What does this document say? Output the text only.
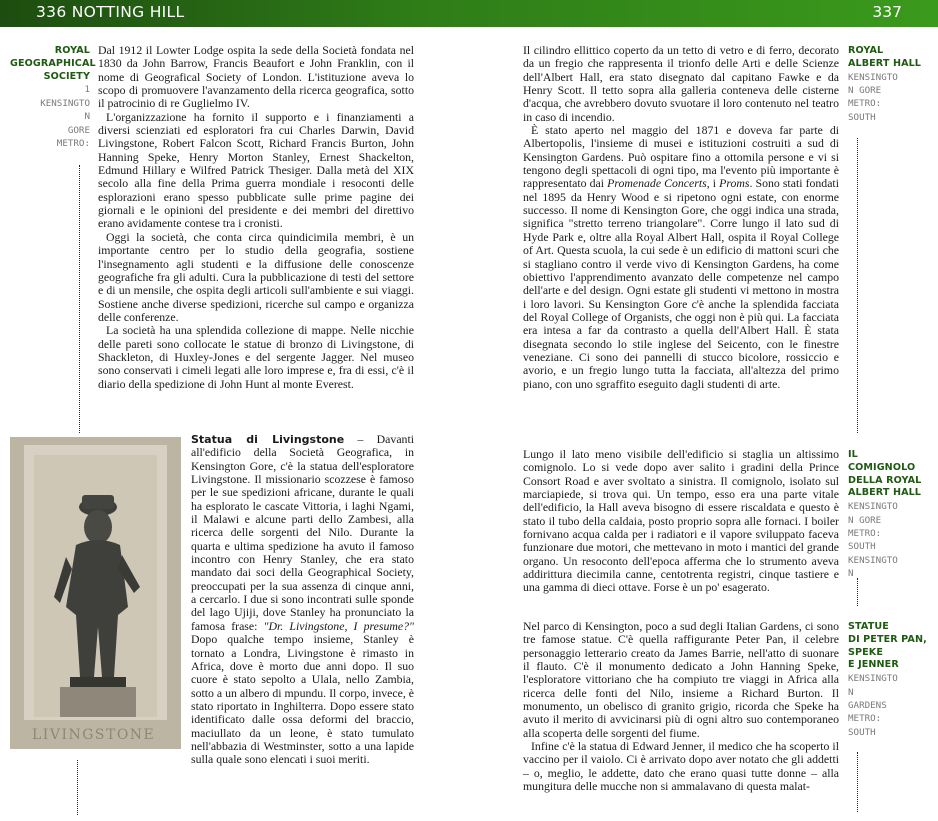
336 NOTTING HILL	337
ROYAL
GEOGRAPHICAL
SOCIETY
1
KENSINGTO
N
GORE
METRO:

Dal 1912 il Lowter Lodge ospita la sede della Società fondata nel 1830 da John Barrow, Francis Beaufort e John Franklin, con il nome di Geografical Society of London. L'istituzione aveva lo scopo di promuovere l'avanzamento della ricerca geografica, sotto il patrocinio di re Guglielmo IV.

L'organizzazione ha fornito il supporto e i finanziamenti a diversi scienziati ed esploratori fra cui Charles Darwin, David Livingstone, Robert Falcon Scott, Richard Francis Burton, John Hanning Speke, Henry Morton Stanley, Ernest Shackelton, Edmund Hillary e Wilfred Patrick Thesiger. Dalla metà del XIX secolo alla fine della Prima guerra mondiale i resoconti delle esplorazioni erano spesso pubblicate sulle prime pagine dei giornali e le opinioni del presidente e dei membri del direttivo erano avidamente contese tra i cronisti.

Oggi la società, che conta circa quindicimila membri, è un importante centro per lo studio della geografia, sostiene l'insegnamento agli studenti e la diffusione delle conoscenze geografiche fra gli adulti. Cura la pubblicazione di testi del settore e di un mensile, che ospita degli articoli sull'ambiente e sui viaggi. Sostiene anche diverse spedizioni, ricerche sul campo e organizza delle conferenze.

La società ha una splendida collezione di mappe. Nelle nicchie delle pareti sono collocate le statue di bronzo di Livingstone, di Shackleton, di Huxley-Jones e del sergente Jagger. Nel museo sono conservati i cimeli legati alle loro imprese e, fra di essi, c'è il diario della spedizione di John Hunt al monte Everest.

LIVINGSTONE

Statua di Livingstone – Davanti all'edificio della Società Geografica, in Kensington Gore, c'è la statua dell'esploratore Livingstone. Il missionario scozzese è famoso per le sue spedizioni africane, durante le quali ha esplorato le cascate Vittoria, i laghi Ngami, il Malawi e alcune parti dello Zambesi, alla ricerca delle sorgenti del Nilo. Durante la quarta e ultima spedizione ha avuto il famoso incontro con Henry Stanley, che era stato mandato dai soci della Geographical Society, preoccupati per la sua assenza di cinque anni, a cercarlo. I due si sono incontrati sulle sponde del lago Ujiji, dove Stanley ha pronunciato la famosa frase: "Dr. Livingstone, I presume?" Dopo qualche tempo insieme, Stanley è tornato a Londra, Livingstone è rimasto in Africa, dove è morto due anni dopo. Il suo cuore è stato sepolto a Ulala, nello Zambia, sotto a un albero di mpundu. Il corpo, invece, è stato riportato in Inghilterra. Dopo essere stato identificato dalle ossa deformi del braccio, maciullato da un leone, è stato tumulato nell'abbazia di Westminster, sotto a una lapide sulla quale sono elencati i suoi meriti.

Il cilindro ellittico coperto da un tetto di vetro e di ferro, decorato da un fregio che rappresenta il trionfo delle Arti e delle Scienze dell'Albert Hall, era stato disegnato dal capitano Fawke e da Henry Scott. Il tetto sopra alla galleria conteneva delle cisterne d'acqua, che avrebbero dovuto svuotare il loro contenuto nel teatro in caso di incendio.

È stato aperto nel maggio del 1871 e doveva far parte di Albertopolis, l'insieme di musei e istituzioni costruiti a sud di Kensington Gardens. Può ospitare fino a ottomila persone e vi si tengono degli spettacoli di ogni tipo, ma l'evento più importante è rappresentato dai Promenade Concerts, i Proms. Sono stati fondati nel 1895 da Henry Wood e si ripetono ogni estate, con enorme successo. Il nome di Kensington Gore, che oggi indica una strada, significa "stretto terreno triangolare". Corre lungo il lato sud di Hyde Park e, oltre alla Royal Albert Hall, ospita il Royal College of Art. Questa scuola, la cui sede è un edificio di mattoni scuri che si stagliano contro il verde vivo di Kensington Gardens, ha come obiettivo l'apprendimento avanzato delle competenze nel campo dell'arte e del design. Ogni estate gli studenti vi mettono in mostra i loro lavori. Su Kensington Gore c'è anche la splendida facciata del Royal College of Organists, che oggi non è più qui. La facciata era intesa a far da contrasto a quella dell'Albert Hall. È stata disegnata secondo lo stile inglese del Seicento, con le finestre veneziane. Ci sono dei pannelli di stucco bicolore, rossiccio e avorio, e un fregio lungo tutta la facciata, all'altezza del primo piano, con uno sgraffito eseguito dagli studenti di arte.

ROYAL
ALBERT HALL
KENSINGTO
N GORE
METRO:
SOUTH

Lungo il lato meno visibile dell'edificio si staglia un altissimo comignolo. Lo si vede dopo aver salito i gradini della Prince Consort Road e aver svoltato a sinistra. Il comignolo, isolato sul marciapiede, si trova qui. Un tempo, esso era una parte vitale dell'edificio, la Hall aveva bisogno di essere riscaldata e questo è stato il tubo della caldaia, posto proprio sopra alle fornaci. I boiler fornivano acqua calda per i radiatori e il vapore sviluppato faceva funzionare due motori, che mettevano in moto i mantici del grande organo. Un resoconto dell'epoca afferma che lo strumento aveva addirittura diecimila canne, centotrenta registri, cinque tastiere e una gamma di dieci ottave. Forse è un po' esagerato.

IL COMIGNOLO
DELLA ROYAL
ALBERT HALL
KENSINGTO
N GORE
METRO:
SOUTH
KENSINGTO
N

Nel parco di Kensington, poco a sud degli Italian Gardens, ci sono tre famose statue. C'è quella raffigurante Peter Pan, il celebre personaggio letterario creato da James Barrie, nell'atto di suonare il flauto. C'è il monumento dedicato a John Hanning Speke, l'esploratore vittoriano che ha compiuto tre viaggi in Africa alla ricerca delle fonti del Nilo, insieme a Richard Burton. Il monumento, un obelisco di granito grigio, ricorda che Speke ha avuto il merito di avvicinarsi più di ogni altro suo contemporaneo alla scoperta delle sorgenti del fiume.

Infine c'è la statua di Edward Jenner, il medico che ha scoperto il vaccino per il vaiolo. Ci è arrivato dopo aver notato che gli addetti – o, meglio, le addette, dato che erano quasi tutte donne – alla mungitura delle mucche non si ammalavano di questa malat-

STATUE
DI PETER PAN,
SPEKE
E JENNER
KENSINGTO
N
GARDENS
METRO:
SOUTH
